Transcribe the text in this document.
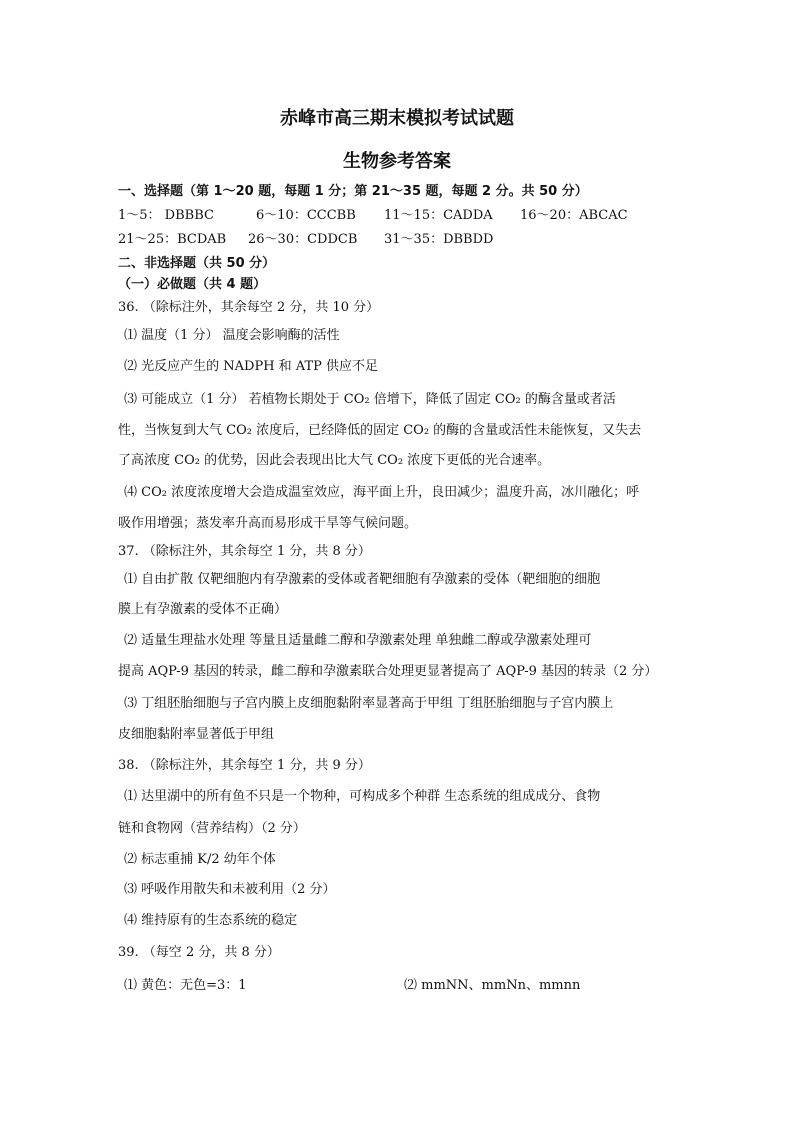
赤峰市高三期末模拟考试试题
生物参考答案
一、选择题（第 1～20 题，每题 1 分；第 21～35 题，每题 2 分。共 50 分）
1～5： DBBBC	6～10：CCCBB 11～15：CADDA 16～20：ABCAC
21～25：BCDAB 26～30：CDDCB 31～35：DBBDD
二、非选择题（共 50 分）
（一）必做题（共 4 题）
36. （除标注外，其余每空 2 分，共 10 分）
⑴ 温度（1 分） 温度会影响酶的活性
⑵ 光反应产生的 NADPH 和 ATP 供应不足
⑶ 可能成立（1 分） 若植物长期处于 CO₂ 倍增下，降低了固定 CO₂ 的酶含量或者活
性，当恢复到大气 CO₂ 浓度后，已经降低的固定 CO₂ 的酶的含量或活性未能恢复，又失去
了高浓度 CO₂ 的优势，因此会表现出比大气 CO₂ 浓度下更低的光合速率。
⑷ CO₂ 浓度浓度增大会造成温室效应，海平面上升，良田减少；温度升高，冰川融化；呼
吸作用增强；蒸发率升高而易形成干旱等气候问题。
37. （除标注外，其余每空 1 分，共 8 分）
⑴ 自由扩散 仅靶细胞内有孕激素的受体或者靶细胞有孕激素的受体（靶细胞的细胞
膜上有孕激素的受体不正确）
⑵ 适量生理盐水处理 等量且适量雌二醇和孕激素处理 单独雌二醇或孕激素处理可
提高 AQP-9 基因的转录，雌二醇和孕激素联合处理更显著提高了 AQP-9 基因的转录（2 分）
⑶ 丁组胚胎细胞与子宫内膜上皮细胞黏附率显著高于甲组 丁组胚胎细胞与子宫内膜上
皮细胞黏附率显著低于甲组
38. （除标注外，其余每空 1 分，共 9 分）
⑴ 达里湖中的所有鱼不只是一个物种，可构成多个种群 生态系统的组成成分、食物
链和食物网（营养结构）（2 分）
⑵ 标志重捕 K/2 幼年个体
⑶ 呼吸作用散失和未被利用（2 分）
⑷ 维持原有的生态系统的稳定
39. （每空 2 分，共 8 分）
⑴ 黄色：无色=3：1	⑵ mmNN、mmNn、mmnn
